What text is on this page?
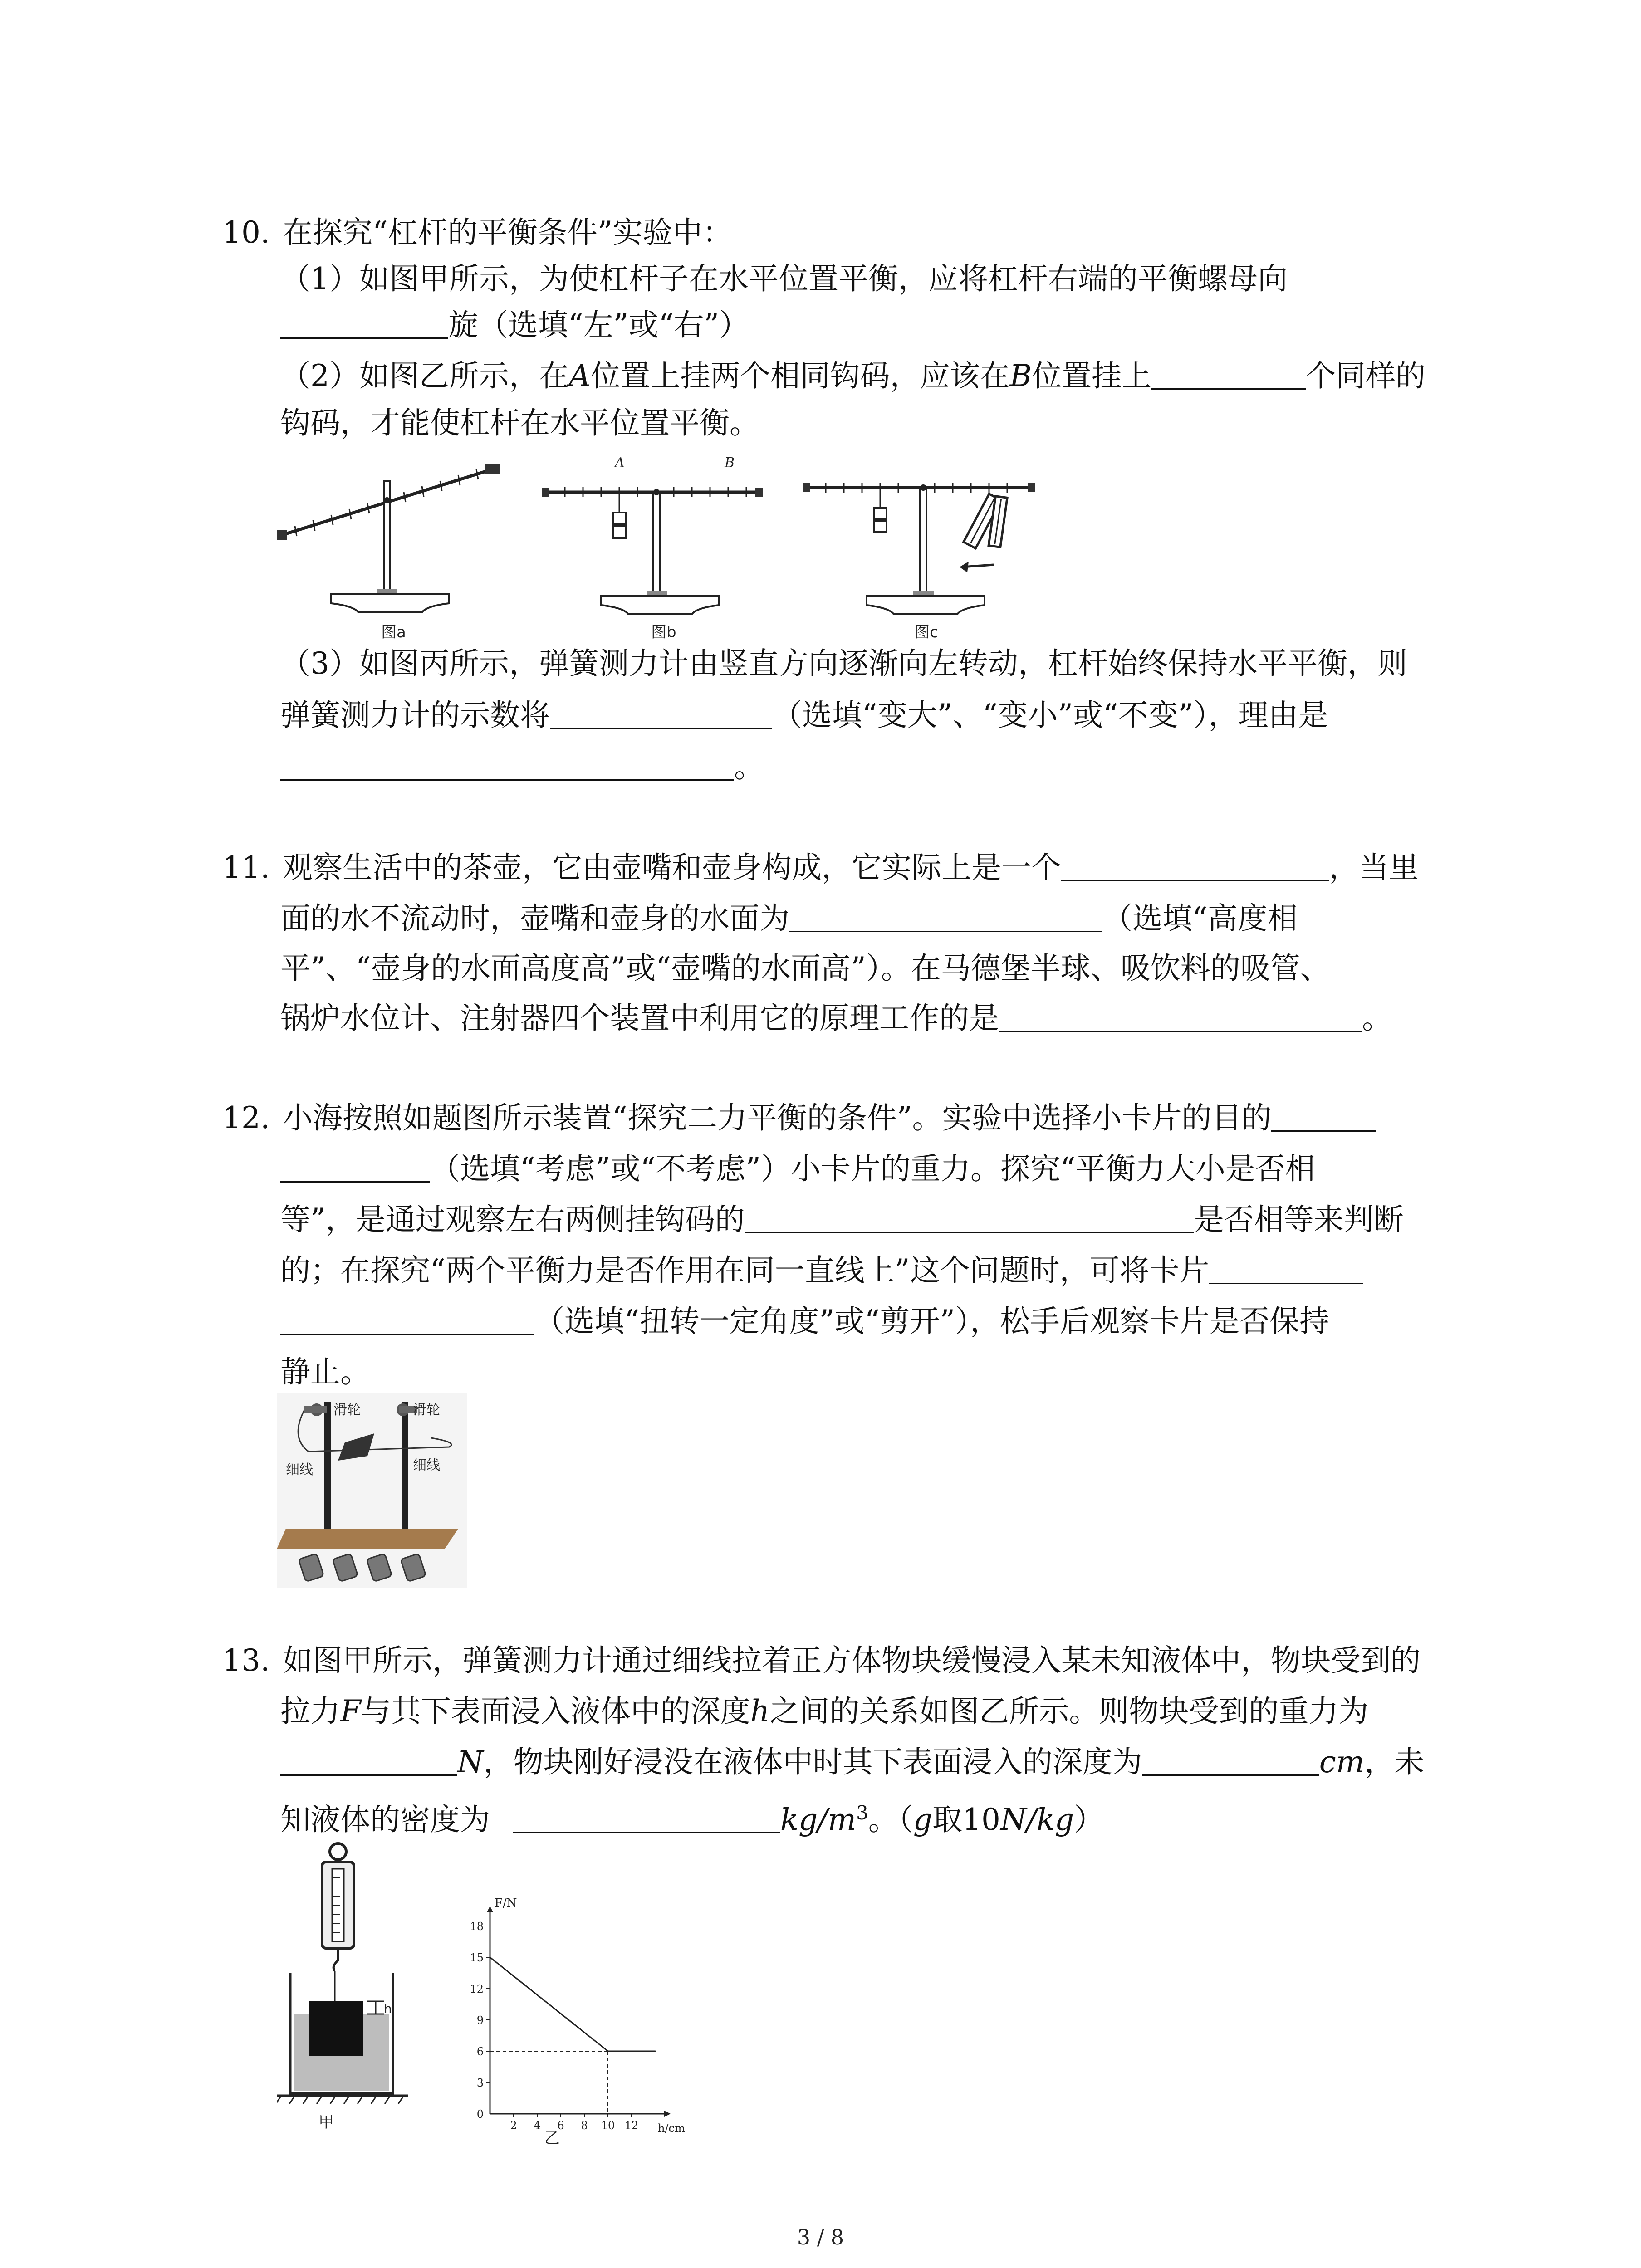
10. 在探究“杠杆的平衡条件”实验中：
（1）如图甲所示，为使杠杆子在水平位置平衡，应将杠杆右端的平衡螺母向
旋（选填“左”或“右”）
（2）如图乙所示，在A位置上挂两个相同钩码，应该在B位置挂上	个同样的
钩码，才能使杠杆在水平位置平衡。
图a
A	B
图b	图c
（3）如图丙所示，弹簧测力计由竖直方向逐渐向左转动，杠杆始终保持水平平衡，则
弹簧测力计的示数将	（选填“变大”、“变小”或“不变”），理由是
。
11. 观察生活中的茶壶，它由壶嘴和壶身构成，它实际上是一个	，当里
面的水不流动时，壶嘴和壶身的水面为	（选填“高度相
平”、“壶身的水面高度高”或“壶嘴的水面高”）。在马德堡半球、吸饮料的吸管、
锅炉水位计、注射器四个装置中利用它的原理工作的是	。
12. 小海按照如题图所示装置“探究二力平衡的条件”。实验中选择小卡片的目的
（选填“考虑”或“不考虑”）小卡片的重力。探究“平衡力大小是否相
等”，是通过观察左右两侧挂钩码的	是否相等来判断
的；在探究“两个平衡力是否作用在同一直线上”这个问题时，可将卡片
（选填“扭转一定角度”或“剪开”），松手后观察卡片是否保持
静止。
滑轮	滑轮
细线	细线
13. 如图甲所示，弹簧测力计通过细线拉着正方体物块缓慢浸入某未知液体中，物块受到的
拉力F与其下表面浸入液体中的深度h之间的关系如图乙所示。则物块受到的重力为
N，物块刚好浸没在液体中时其下表面浸入的深度为	cm，未
知液体的密度为	$kg/m^3$。（g取10N/kg）
h
甲
F/N
h/cm
0
3
6
9
12
15
18
2 4 6 8 10 12
乙
3 / 8
